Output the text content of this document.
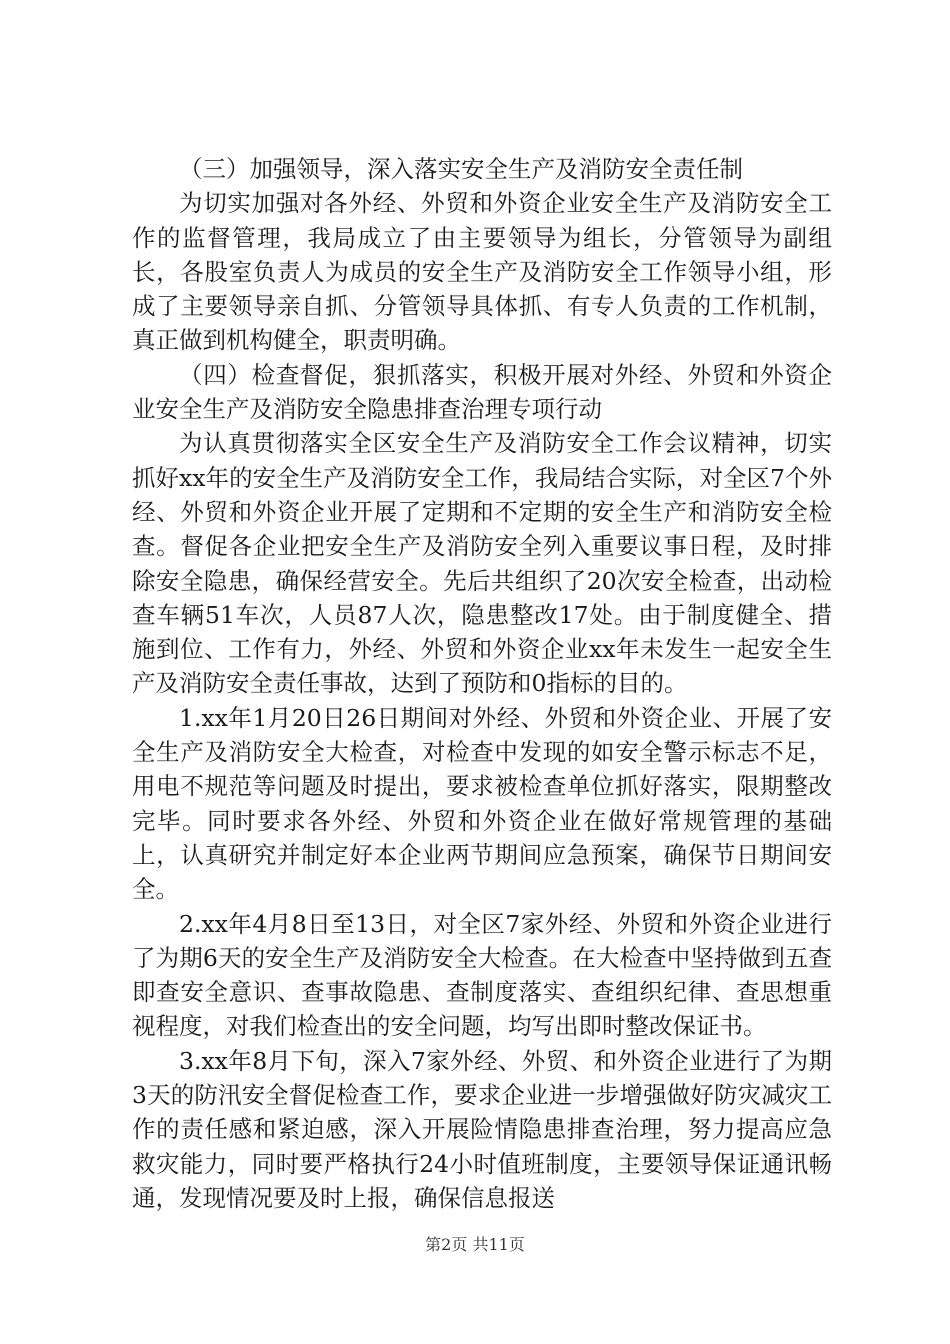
（三）加强领导，深入落实安全生产及消防安全责任制

为切实加强对各外经、外贸和外资企业安全生产及消防安全工作的监督管理，我局成立了由主要领导为组长，分管领导为副组长，各股室负责人为成员的安全生产及消防安全工作领导小组，形成了主要领导亲自抓、分管领导具体抓、有专人负责的工作机制，真正做到机构健全，职责明确。

（四）检查督促，狠抓落实，积极开展对外经、外贸和外资企业安全生产及消防安全隐患排查治理专项行动

为认真贯彻落实全区安全生产及消防安全工作会议精神，切实抓好xx年的安全生产及消防安全工作，我局结合实际，对全区7个外经、外贸和外资企业开展了定期和不定期的安全生产和消防安全检查。督促各企业把安全生产及消防安全列入重要议事日程，及时排除安全隐患，确保经营安全。先后共组织了20次安全检查，出动检查车辆51车次，人员87人次，隐患整改17处。由于制度健全、措施到位、工作有力，外经、外贸和外资企业xx年未发生一起安全生产及消防安全责任事故，达到了预防和0指标的目的。

1.xx年1月20日26日期间对外经、外贸和外资企业、开展了安全生产及消防安全大检查，对检查中发现的如安全警示标志不足，用电不规范等问题及时提出，要求被检查单位抓好落实，限期整改完毕。同时要求各外经、外贸和外资企业在做好常规管理的基础上，认真研究并制定好本企业两节期间应急预案，确保节日期间安全。

2.xx年4月8日至13日，对全区7家外经、外贸和外资企业进行了为期6天的安全生产及消防安全大检查。在大检查中坚持做到五查即查安全意识、查事故隐患、查制度落实、查组织纪律、查思想重视程度，对我们检查出的安全问题，均写出即时整改保证书。

3.xx年8月下旬，深入7家外经、外贸、和外资企业进行了为期3天的防汛安全督促检查工作，要求企业进一步增强做好防灾减灾工作的责任感和紧迫感，深入开展险情隐患排查治理，努力提高应急救灾能力，同时要严格执行24小时值班制度，主要领导保证通讯畅通，发现情况要及时上报，确保信息报送

第2页 共11页
